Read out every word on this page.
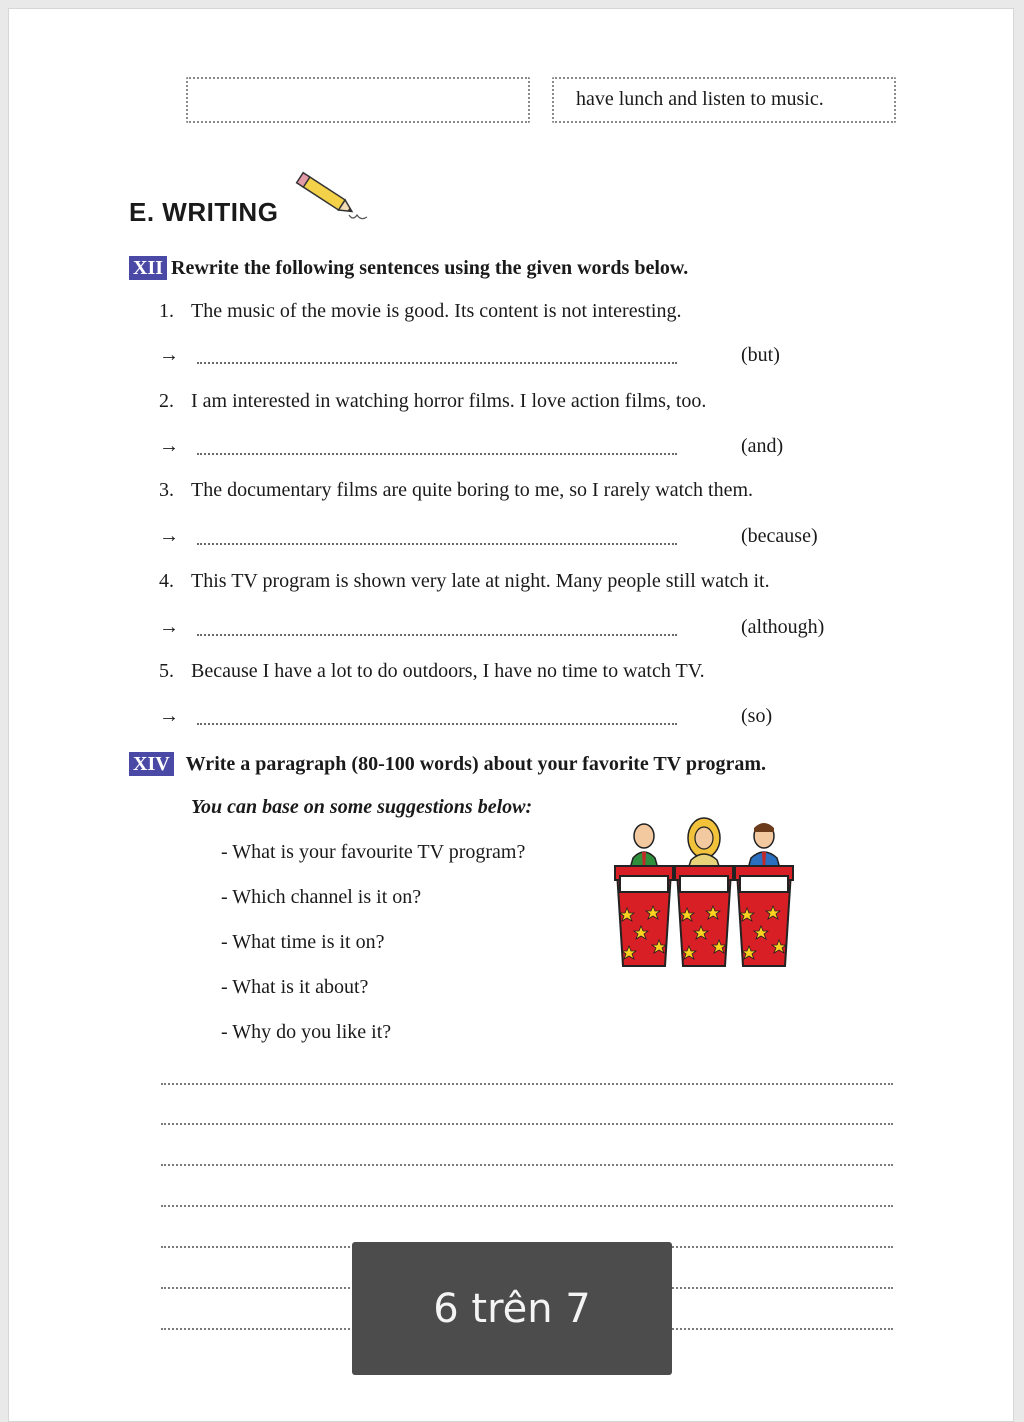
have lunch and listen to music.
E. WRITING
XII Rewrite the following sentences using the given words below.
1. The music of the movie is good. Its content is not interesting.
→	(but)
2. I am interested in watching horror films. I love action films, too.
→	(and)
3. The documentary films are quite boring to me, so I rarely watch them.
→	(because)
4. This TV program is shown very late at night. Many people still watch it.
→	(although)
5. Because I have a lot to do outdoors, I have no time to watch TV.
→	(so)
XIV Write a paragraph (80-100 words) about your favorite TV program.
You can base on some suggestions below:
- What is your favourite TV program?
- Which channel is it on?
- What time is it on?
- What is it about?
- Why do you like it?
6 trên 7
